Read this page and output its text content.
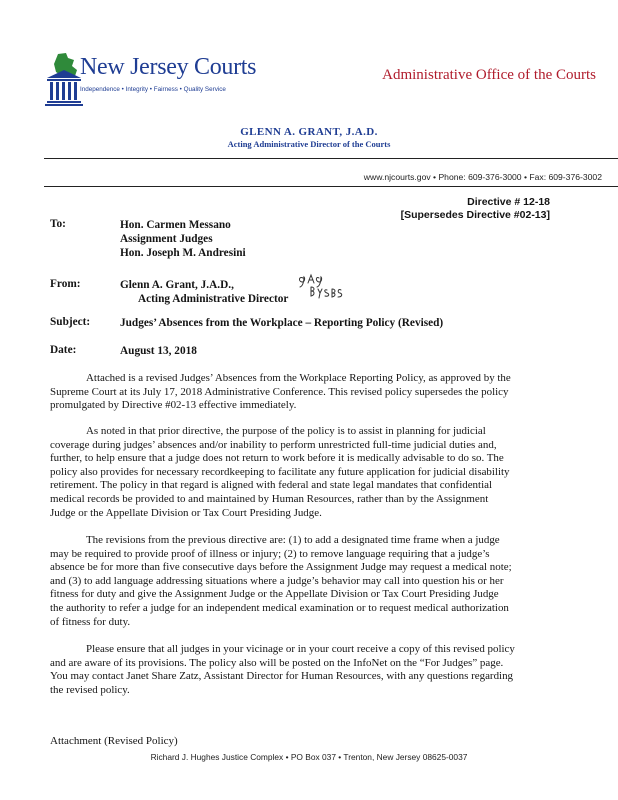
New Jersey Courts
Independence • Integrity • Fairness • Quality Service
Administrative Office of the Courts
GLENN A. GRANT, J.A.D.
Acting Administrative Director of the Courts
www.njcourts.gov • Phone: 609-376-3000 • Fax: 609-376-3002
Directive # 12-18
[Supersedes Directive #02-13]
To:	Hon. Carmen Messano
Assignment Judges
Hon. Joseph M. Andresini
From:	Glenn A. Grant, J.A.D.,
Acting Administrative Director
Subject:	Judges’ Absences from the Workplace – Reporting Policy (Revised)
Date:	August 13, 2018
Attached is a revised Judges’ Absences from the Workplace Reporting Policy, as approved by the
Supreme Court at its July 17, 2018 Administrative Conference. This revised policy supersedes the policy
promulgated by Directive #02-13 effective immediately.
As noted in that prior directive, the purpose of the policy is to assist in planning for judicial
coverage during judges’ absences and/or inability to perform unrestricted full-time judicial duties and,
further, to help ensure that a judge does not return to work before it is medically advisable to do so. The
policy also provides for necessary recordkeeping to facilitate any future application for judicial disability
retirement. The policy in that regard is aligned with federal and state legal mandates that confidential
medical records be provided to and maintained by Human Resources, rather than by the Assignment
Judge or the Appellate Division or Tax Court Presiding Judge.
The revisions from the previous directive are: (1) to add a designated time frame when a judge
may be required to provide proof of illness or injury; (2) to remove language requiring that a judge’s
absence be for more than five consecutive days before the Assignment Judge may request a medical note;
and (3) to add language addressing situations where a judge’s behavior may call into question his or her
fitness for duty and give the Assignment Judge or the Appellate Division or Tax Court Presiding Judge
the authority to refer a judge for an independent medical examination or to request medical authorization
of fitness for duty.
Please ensure that all judges in your vicinage or in your court receive a copy of this revised policy
and are aware of its provisions. The policy also will be posted on the InfoNet on the “For Judges” page.
You may contact Janet Share Zatz, Assistant Director for Human Resources, with any questions regarding
the revised policy.
Attachment (Revised Policy)
Richard J. Hughes Justice Complex • PO Box 037 • Trenton, New Jersey 08625-0037
